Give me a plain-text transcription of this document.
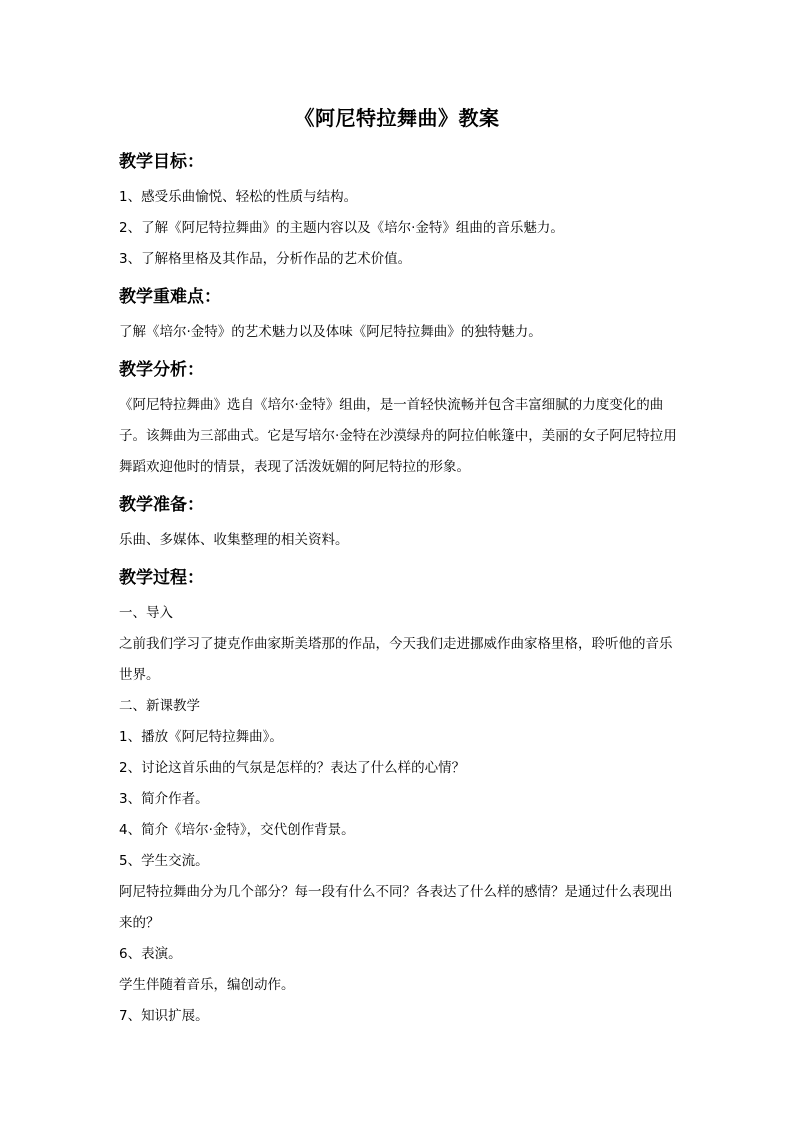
《阿尼特拉舞曲》教案
教学目标：

1、感受乐曲愉悦、轻松的性质与结构。

2、了解《阿尼特拉舞曲》的主题内容以及《培尔·金特》组曲的音乐魅力。

3、了解格里格及其作品，分析作品的艺术价值。

教学重难点：

了解《培尔·金特》的艺术魅力以及体味《阿尼特拉舞曲》的独特魅力。

教学分析：

《阿尼特拉舞曲》选自《培尔·金特》组曲，是一首轻快流畅并包含丰富细腻的力度变化的曲子。该舞曲为三部曲式。它是写培尔·金特在沙漠绿舟的阿拉伯帐篷中，美丽的女子阿尼特拉用舞蹈欢迎他时的情景，表现了活泼妩媚的阿尼特拉的形象。

教学准备：

乐曲、多媒体、收集整理的相关资料。

教学过程：

一、导入

之前我们学习了捷克作曲家斯美塔那的作品，今天我们走进挪威作曲家格里格，聆听他的音乐世界。

二、新课教学

1、播放《阿尼特拉舞曲》。

2、讨论这首乐曲的气氛是怎样的？表达了什么样的心情？

3、简介作者。

4、简介《培尔·金特》，交代创作背景。

5、学生交流。

阿尼特拉舞曲分为几个部分？每一段有什么不同？各表达了什么样的感情？是通过什么表现出来的？

6、表演。

学生伴随着音乐，编创动作。

7、知识扩展。
